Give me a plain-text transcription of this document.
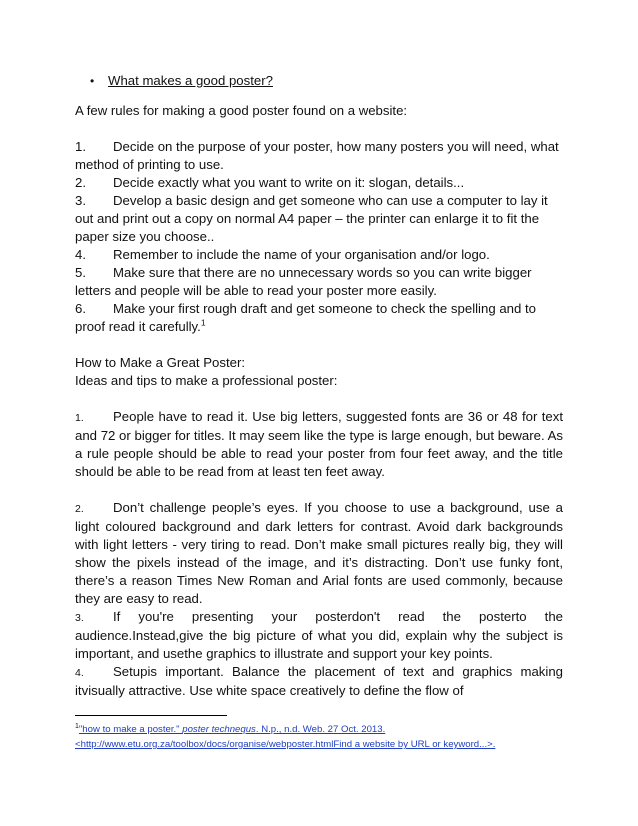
•	What makes a good poster?

A few rules for making a good poster found on a website:

1. Decide on the purpose of your poster, how many posters you will need, what method of printing to use.

2. Decide exactly what you want to write on it: slogan, details...

3. Develop a basic design and get someone who can use a computer to lay it out and print out a copy on normal A4 paper – the printer can enlarge it to fit the paper size you choose..

4. Remember to include the name of your organisation and/or logo.

5. Make sure that there are no unnecessary words so you can write bigger letters and people will be able to read your poster more easily.

6. Make your first rough draft and get someone to check the spelling and to proof read it carefully.$^1$

How to Make a Great Poster:

Ideas and tips to make a professional poster:

1. People have to read it. Use big letters, suggested fonts are 36 or 48 for text and 72 or bigger for titles. It may seem like the type is large enough, but beware. As a rule people should be able to read your poster from four feet away, and the title should be able to be read from at least ten feet away.

2. Don’t challenge people’s eyes. If you choose to use a background, use a light coloured background and dark letters for contrast. Avoid dark backgrounds with light letters - very tiring to read. Don’t make small pictures really big, they will show the pixels instead of the image, and it’s distracting. Don’t use funky font, there’s a reason Times New Roman and Arial fonts are used commonly, because they are easy to read.

3. If you're presenting your posterdon't read the posterto the audience.Instead,give the big picture of what you did, explain why the subject is important, and usethe graphics to illustrate and support your key points.

4. Setupis important. Balance the placement of text and graphics making itvisually attractive. Use white space creatively to define the flow of

$^1$"how to make a poster." poster technequs. N.p., n.d. Web. 27 Oct. 2013.
<http://www.etu.org.za/toolbox/docs/organise/webposter.htmlFind a website by URL or keyword...>.
